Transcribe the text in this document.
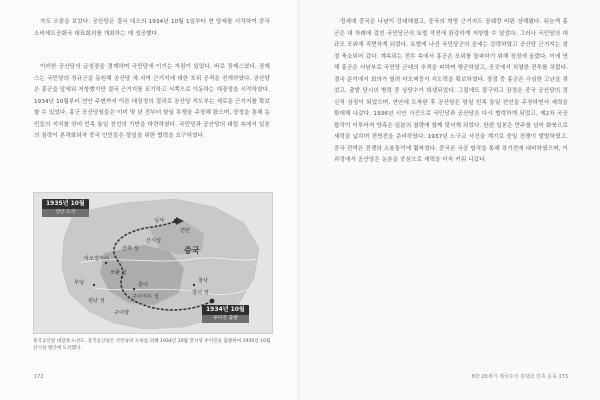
자도 오줌을 보았다. 공산당은 결국 대오의 1934년 10월 1일부터 현 당세를 시작하여 중국소비에트공화국 대표회의를 개최하는 데 성공했다.

이러한 공산당의 급성장을 경계하며 국민당에 이기는 자림이 있었다. 바로 장제스였다. 장제스는 국민당의 정규군을 동원해 공산당 세 지역 근거지에 대한 포위 공격을 전개하였다. 공산당은 홍군을 앞세워 저항했지만 결국 근거지를 포기하고 서쪽으로 이동하는 대장정을 시작하였다. 1934년 10월부터 연안 주변까지 이른 대장정의 결과로 공산당 지도부는 새로운 근거지를 확보할 수 있었다. 홍군 공산당원들은 이미 몇 년 전부터 항일 투쟁을 주장해 왔으며, 장정을 통해 농민들의 지지를 얻어 민족 통일 전선의 기반을 마련하였다. 국민당과 공산당의 대립 속에서 일본의 침략이 본격화되자 중국 인민들은 항일을 위한 협력을 요구하였다.

1935년 10월
연안 도착
1934년 10월
루이진 출발
중국
연안
산시성
쓰촨 성
구이저우 성
윈난 성
장시 성
간쑤 성
닝샤
마오얼까이
루딩	쭌이
구이양
창사
중국공산당 대장정 노선도. 중국공산당은 국민당의 포위를 피해 1934년 10월 장시성 루이진을 출발하여 1935년 10월 산시성 옌안에 도착했다.
172

정세에 중국은 나날이 강대해졌고, 중국의 혁명 근거지도 장쉐량 비판 상해됐다. 뒤늦게 홍군은 내 차례에 걸친 국민당군의 토벌 작전에 완강하게 저항할 수 있었다. 그러나 국민당의 대규모 포위에 직면하게 되었다. 토벌에 나선 국민당군의 공세는 강력하였고 공산당 근거지는 점점 축소되어 갔다. 계속되는 전투 속에서 홍군은 포위를 돌파하기 위해 장정에 올랐다. 이에 연해 홍군은 서남부로 국민당 군대의 추격을 피하며 행군하였고, 곳곳에서 치열한 전투를 치렀다. 결국 준이에서 회의가 열려 마오쩌둥이 지도력을 확보하였다. 장정 중 홍군은 극심한 고난을 겪었고, 출발 당시의 병력 중 상당수가 희생되었다. 그럼에도 불구하고 장정은 중국 공산당의 정신적 상징이 되었으며, 연안에 도착한 후 공산당은 항일 민족 통일 전선을 주장하면서 세력을 확대해 나갔다. 1936년 시안 사건으로 국민당과 공산당은 다시 협력하게 되었고, 제2차 국공 합작이 이루어져 양측은 일본의 침략에 함께 맞서게 되었다. 한편 일본은 만주를 넘어 화북으로 세력을 넓히며 전면전을 준비하였다. 1937년 노구교 사건을 계기로 중일 전쟁이 발발하였고, 중국 전역은 전쟁의 소용돌이에 휩싸였다. 중국은 국공 합작을 통해 장기전에 대비하였으며, 이 과정에서 공산당은 농촌을 중심으로 세력을 더욱 키워 나갔다.

8장 20세기 제국주의 침략과 민족 운동 173
